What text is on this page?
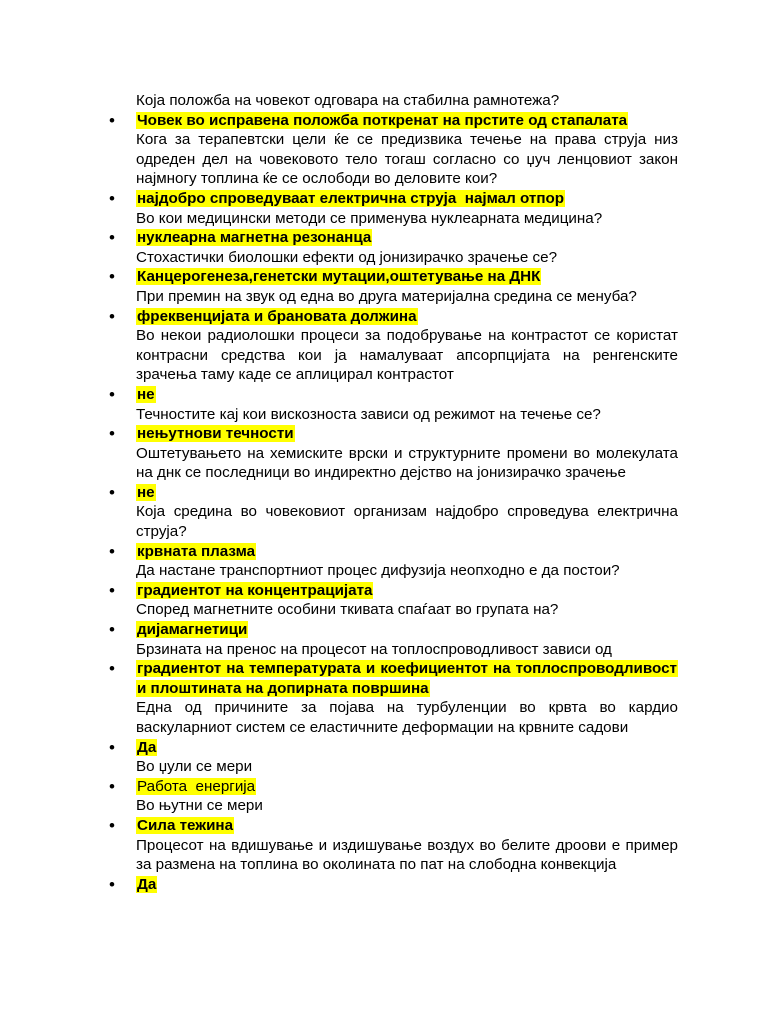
Која положба на човекот одговара на стабилна рамнотежа?
• Човек во исправена положба поткренат на прстите од стапалата
Кога за терапевтски цели ќе се предизвика течење на права струја низ одреден дел на човековото тело тогаш согласно со џуч ленцовиот закон најмногу топлина ќе се ослободи во деловите кои?
• најдобро спроведуваат електрична струја  најмал отпор
Во кои медицински методи се применува нуклеарната медицина?
• нуклеарна магнетна резонанца
Стохастички биолошки ефекти од јонизирачко зрачење се?
• Канцерогенеза,генетски мутации,оштетување на ДНК
При премин на звук од една во друга материјална средина се менуба?
• фреквенцијата и брановата должина
Во некои радиолошки процеси за подобрување на контрастот се користат контрасни средства кои ја намалуваат апсорпцијата на ренгенските зрачења таму каде се аплицирал контрастот
• не
Течностите кај кои вискозноста зависи од режимот на течење се?
• нењутнови течности
Оштетувањето на хемиските врски и структурните промени во молекулата на днк се последници во индиректно дејство на јонизирачко зрачење
• не
Која средина во човековиот организам најдобро спроведува електрична струја?
• крвната плазма
Да настане транспортниот процес дифузија неопходно е да постои?
• градиентот на концентрацијата
Според магнетните особини ткивата спаѓаат во групата на?
• дијамагнетици
Брзината на пренос на процесот на топлоспроводливост зависи од
• градиентот на температурата и коефициентот на топлоспроводливост и плоштината на допирната површина
Една од причините за појава на турбуленции во крвта во кардио васкуларниот систем се еластичните деформации на крвните садови
• Да
Во џули се мери
• Работа  енергија
Во њутни се мери
• Сила тежина
Процесот на вдишување и издишување воздух во белите дроови е пример за размена на топлина во околината по пат на слободна конвекција
• Да
